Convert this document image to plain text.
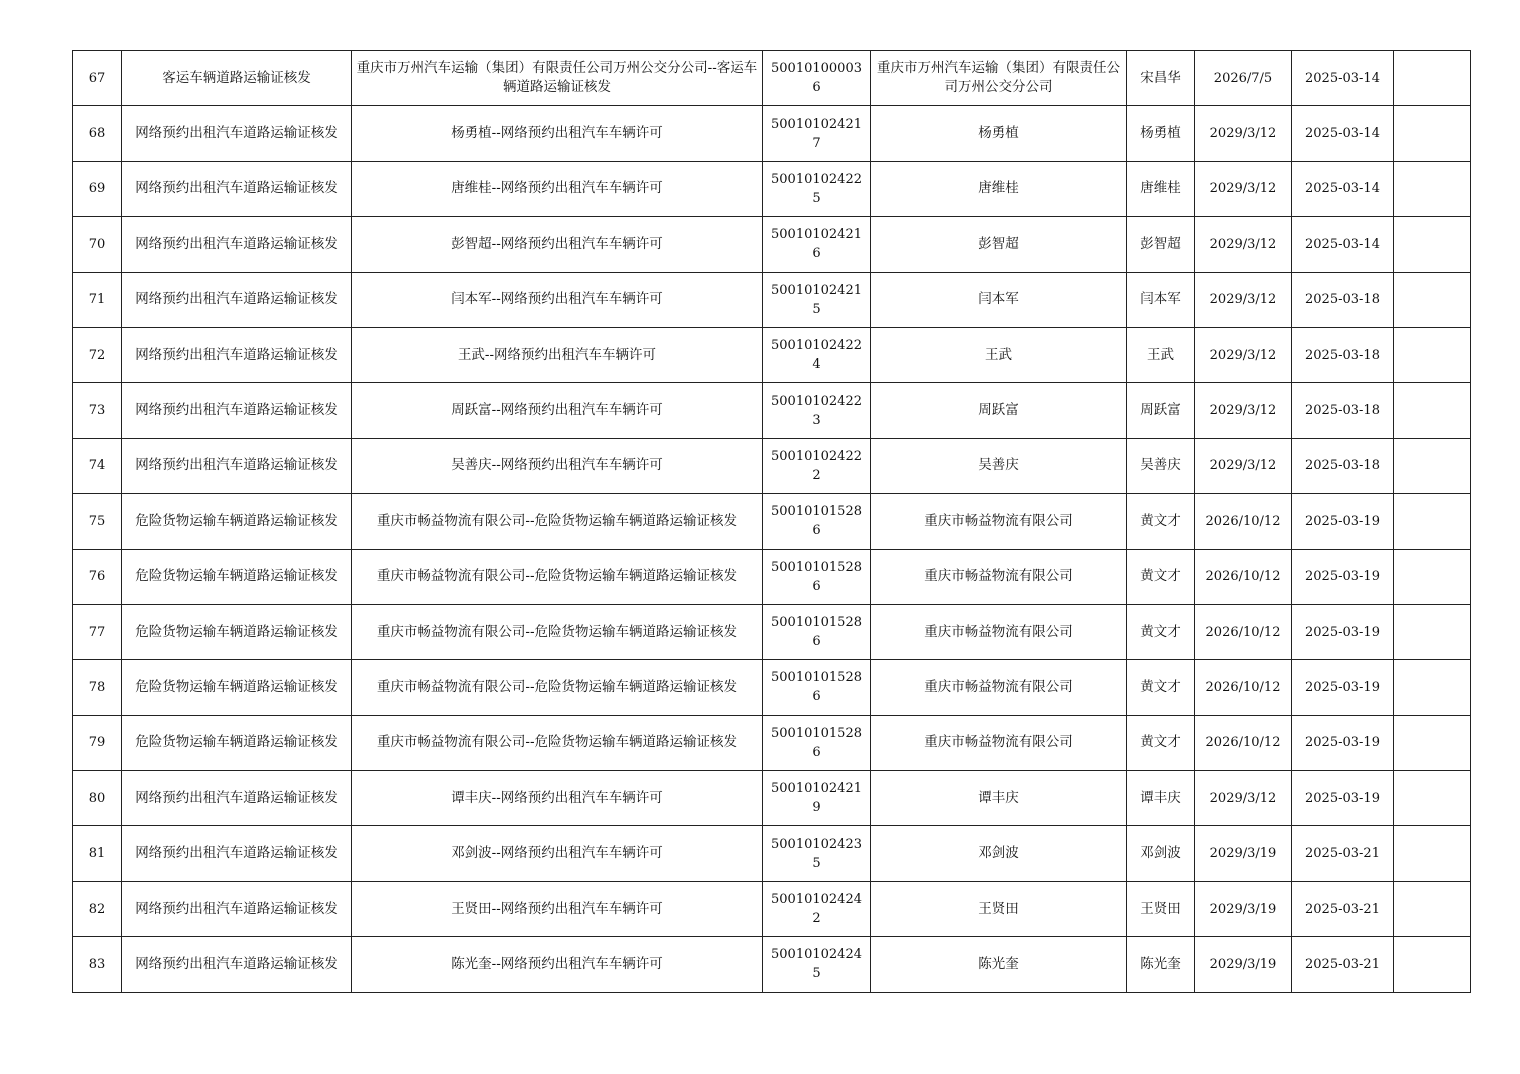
67	客运车辆道路运输证核发	重庆市万州汽车运输（集团）有限责任公司万州公交分公司--客运车辆道路运输证核发	500101000036	重庆市万州汽车运输（集团）有限责任公司万州公交分公司	宋昌华	2026/7/5	2025-03-14	
68	网络预约出租汽车道路运输证核发	杨勇植--网络预约出租汽车车辆许可	500101024217	杨勇植	杨勇植	2029/3/12	2025-03-14	
69	网络预约出租汽车道路运输证核发	唐维桂--网络预约出租汽车车辆许可	500101024225	唐维桂	唐维桂	2029/3/12	2025-03-14	
70	网络预约出租汽车道路运输证核发	彭智超--网络预约出租汽车车辆许可	500101024216	彭智超	彭智超	2029/3/12	2025-03-14	
71	网络预约出租汽车道路运输证核发	闫本军--网络预约出租汽车车辆许可	500101024215	闫本军	闫本军	2029/3/12	2025-03-18	
72	网络预约出租汽车道路运输证核发	王武--网络预约出租汽车车辆许可	500101024224	王武	王武	2029/3/12	2025-03-18	
73	网络预约出租汽车道路运输证核发	周跃富--网络预约出租汽车车辆许可	500101024223	周跃富	周跃富	2029/3/12	2025-03-18	
74	网络预约出租汽车道路运输证核发	吴善庆--网络预约出租汽车车辆许可	500101024222	吴善庆	吴善庆	2029/3/12	2025-03-18	
75	危险货物运输车辆道路运输证核发	重庆市畅益物流有限公司--危险货物运输车辆道路运输证核发	500101015286	重庆市畅益物流有限公司	黄文才	2026/10/12	2025-03-19	
76	危险货物运输车辆道路运输证核发	重庆市畅益物流有限公司--危险货物运输车辆道路运输证核发	500101015286	重庆市畅益物流有限公司	黄文才	2026/10/12	2025-03-19	
77	危险货物运输车辆道路运输证核发	重庆市畅益物流有限公司--危险货物运输车辆道路运输证核发	500101015286	重庆市畅益物流有限公司	黄文才	2026/10/12	2025-03-19	
78	危险货物运输车辆道路运输证核发	重庆市畅益物流有限公司--危险货物运输车辆道路运输证核发	500101015286	重庆市畅益物流有限公司	黄文才	2026/10/12	2025-03-19	
79	危险货物运输车辆道路运输证核发	重庆市畅益物流有限公司--危险货物运输车辆道路运输证核发	500101015286	重庆市畅益物流有限公司	黄文才	2026/10/12	2025-03-19	
80	网络预约出租汽车道路运输证核发	谭丰庆--网络预约出租汽车车辆许可	500101024219	谭丰庆	谭丰庆	2029/3/12	2025-03-19	
81	网络预约出租汽车道路运输证核发	邓剑波--网络预约出租汽车车辆许可	500101024235	邓剑波	邓剑波	2029/3/19	2025-03-21	
82	网络预约出租汽车道路运输证核发	王贤田--网络预约出租汽车车辆许可	500101024242	王贤田	王贤田	2029/3/19	2025-03-21	
83	网络预约出租汽车道路运输证核发	陈光奎--网络预约出租汽车车辆许可	500101024245	陈光奎	陈光奎	2029/3/19	2025-03-21	
